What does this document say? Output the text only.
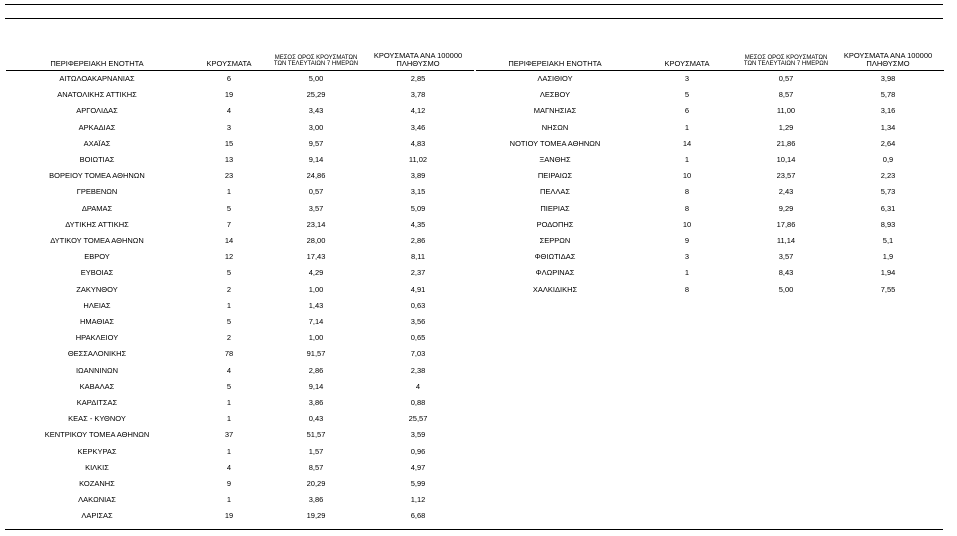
ΠΕΡΙΦΕΡΕΙΑΚΗ ΕΝΟΤΗΤΑ	ΚΡΟΥΣΜΑΤΑ	ΜΕΣΟΣ ΟΡΟΣ ΚΡΟΥΣΜΑΤΩΝ ΤΩΝ ΤΕΛΕΥΤΑΙΩΝ 7 ΗΜΕΡΩΝ	ΚΡΟΥΣΜΑΤΑ ΑΝΑ 100000 ΠΛΗΘΥΣΜΟ
ΑΙΤΩΛΟΑΚΑΡΝΑΝΙΑΣ	6	5,00	2,85
ΑΝΑΤΟΛΙΚΗΣ ΑΤΤΙΚΗΣ	19	25,29	3,78
ΑΡΓΟΛΙΔΑΣ	4	3,43	4,12
ΑΡΚΑΔΙΑΣ	3	3,00	3,46
ΑΧΑΪΑΣ	15	9,57	4,83
ΒΟΙΩΤΙΑΣ	13	9,14	11,02
ΒΟΡΕΙΟΥ ΤΟΜΕΑ ΑΘΗΝΩΝ	23	24,86	3,89
ΓΡΕΒΕΝΩΝ	1	0,57	3,15
ΔΡΑΜΑΣ	5	3,57	5,09
ΔΥΤΙΚΗΣ ΑΤΤΙΚΗΣ	7	23,14	4,35
ΔΥΤΙΚΟΥ ΤΟΜΕΑ ΑΘΗΝΩΝ	14	28,00	2,86
ΕΒΡΟΥ	12	17,43	8,11
ΕΥΒΟΙΑΣ	5	4,29	2,37
ΖΑΚΥΝΘΟΥ	2	1,00	4,91
ΗΛΕΙΑΣ	1	1,43	0,63
ΗΜΑΘΙΑΣ	5	7,14	3,56
ΗΡΑΚΛΕΙΟΥ	2	1,00	0,65
ΘΕΣΣΑΛΟΝΙΚΗΣ	78	91,57	7,03
ΙΩΑΝΝΙΝΩΝ	4	2,86	2,38
ΚΑΒΑΛΑΣ	5	9,14	4
ΚΑΡΔΙΤΣΑΣ	1	3,86	0,88
ΚΕΑΣ - ΚΥΘΝΟΥ	1	0,43	25,57
ΚΕΝΤΡΙΚΟΥ ΤΟΜΕΑ ΑΘΗΝΩΝ	37	51,57	3,59
ΚΕΡΚΥΡΑΣ	1	1,57	0,96
ΚΙΛΚΙΣ	4	8,57	4,97
ΚΟΖΑΝΗΣ	9	20,29	5,99
ΛΑΚΩΝΙΑΣ	1	3,86	1,12
ΛΑΡΙΣΑΣ	19	19,29	6,68
ΠΕΡΙΦΕΡΕΙΑΚΗ ΕΝΟΤΗΤΑ	ΚΡΟΥΣΜΑΤΑ	ΜΕΣΟΣ ΟΡΟΣ ΚΡΟΥΣΜΑΤΩΝ ΤΩΝ ΤΕΛΕΥΤΑΙΩΝ 7 ΗΜΕΡΩΝ	ΚΡΟΥΣΜΑΤΑ ΑΝΑ 100000 ΠΛΗΘΥΣΜΟ
ΛΑΣΙΘΙΟΥ	3	0,57	3,98
ΛΕΣΒΟΥ	5	8,57	5,78
ΜΑΓΝΗΣΙΑΣ	6	11,00	3,16
ΝΗΣΩΝ	1	1,29	1,34
ΝΟΤΙΟΥ ΤΟΜΕΑ ΑΘΗΝΩΝ	14	21,86	2,64
ΞΑΝΘΗΣ	1	10,14	0,9
ΠΕΙΡΑΙΩΣ	10	23,57	2,23
ΠΕΛΛΑΣ	8	2,43	5,73
ΠΙΕΡΙΑΣ	8	9,29	6,31
ΡΟΔΟΠΗΣ	10	17,86	8,93
ΣΕΡΡΩΝ	9	11,14	5,1
ΦΘΙΩΤΙΔΑΣ	3	3,57	1,9
ΦΛΩΡΙΝΑΣ	1	8,43	1,94
ΧΑΛΚΙΔΙΚΗΣ	8	5,00	7,55
